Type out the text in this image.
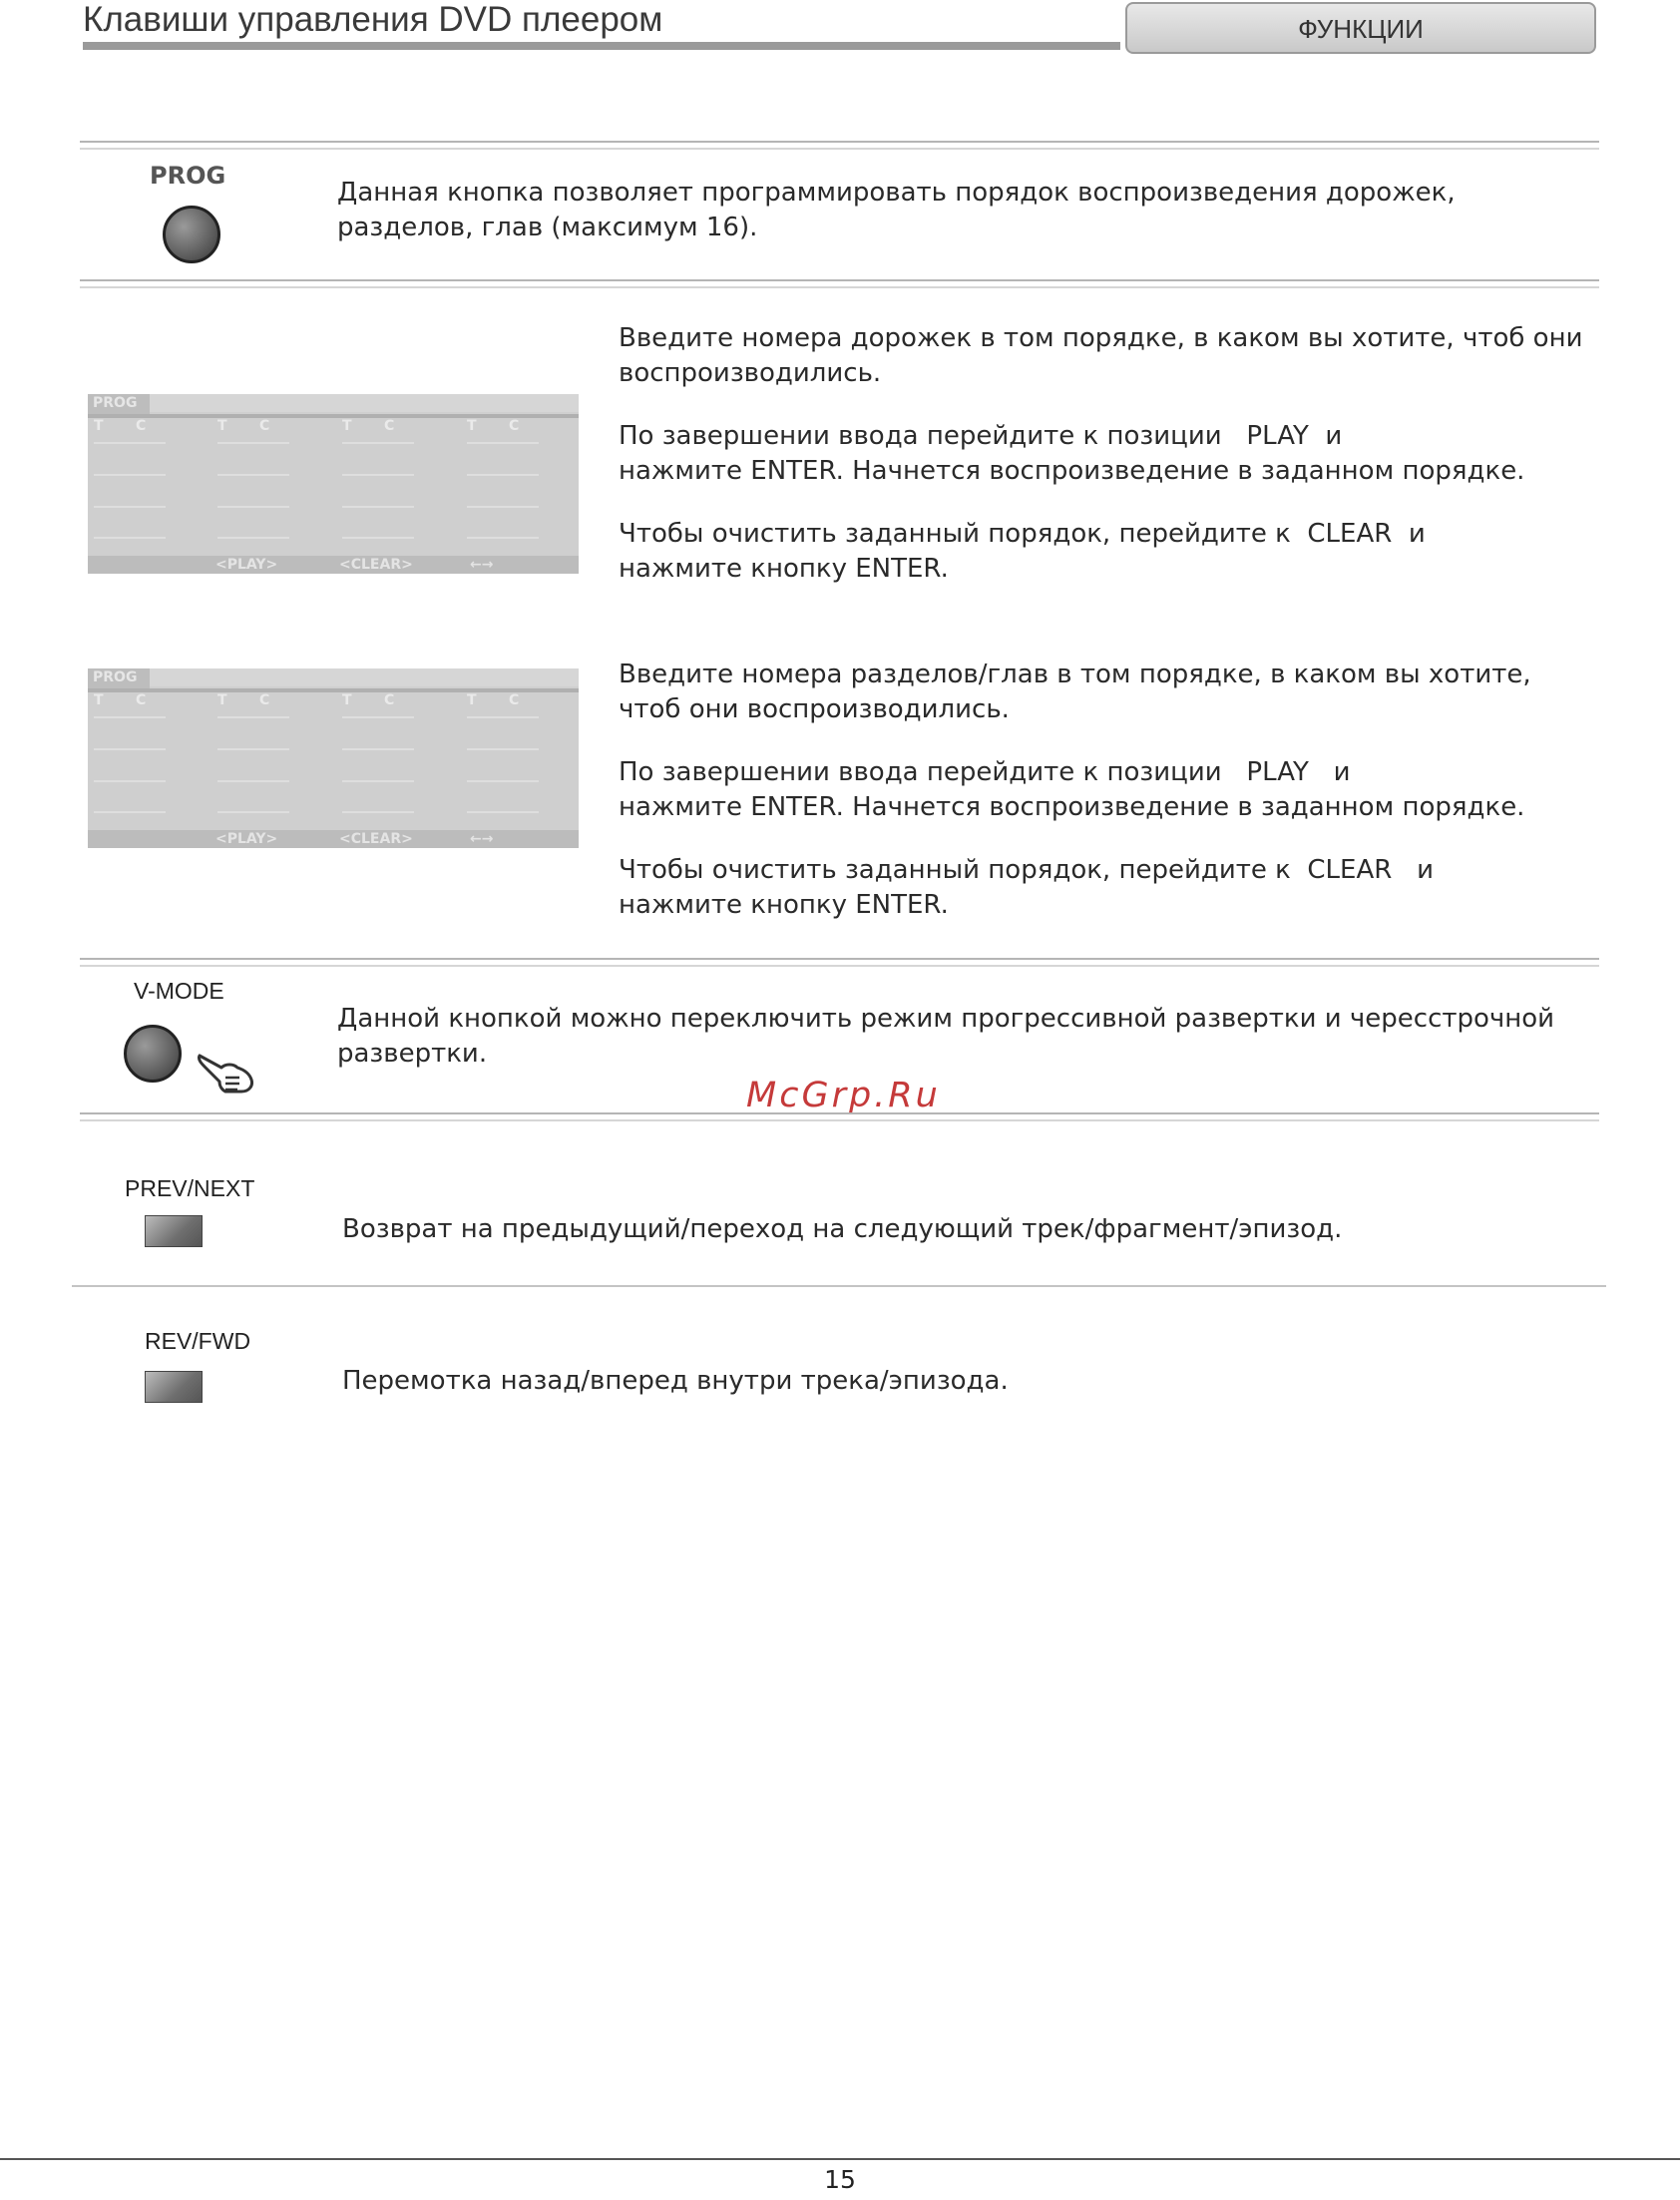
Клавиши управления DVD плеером	ФУНКЦИИ
PROG
Данная кнопка позволяет программировать порядок воспроизведения дорожек, разделов, глав (максимум 16).
PROG
T C	T C	T C	T C
<PLAY>	<CLEAR>	←→
Введите номера дорожек в том порядке, в каком вы хотите, чтоб они воспроизводились.
По завершении ввода перейдите к позиции   PLAY  и
нажмите ENTER. Начнется воспроизведение в заданном порядке.
Чтобы очистить заданный порядок, перейдите к  CLEAR  и
нажмите кнопку ENTER.
PROG
T C	T C	T C	T C
<PLAY>	<CLEAR>	←→
Введите номера разделов/глав в том порядке, в каком вы хотите, чтоб они воспроизводились.
По завершении ввода перейдите к позиции   PLAY   и
нажмите ENTER. Начнется воспроизведение в заданном порядке.
Чтобы очистить заданный порядок, перейдите к  CLEAR   и
нажмите кнопку ENTER.
V-MODE
Данной кнопкой можно переключить режим прогрессивной развертки и чересстрочной развертки.
McGrp.Ru
PREV/NEXT
Возврат на предыдущий/переход на следующий трек/фрагмент/эпизод.
REV/FWD
Перемотка назад/вперед внутри трека/эпизода.
15
